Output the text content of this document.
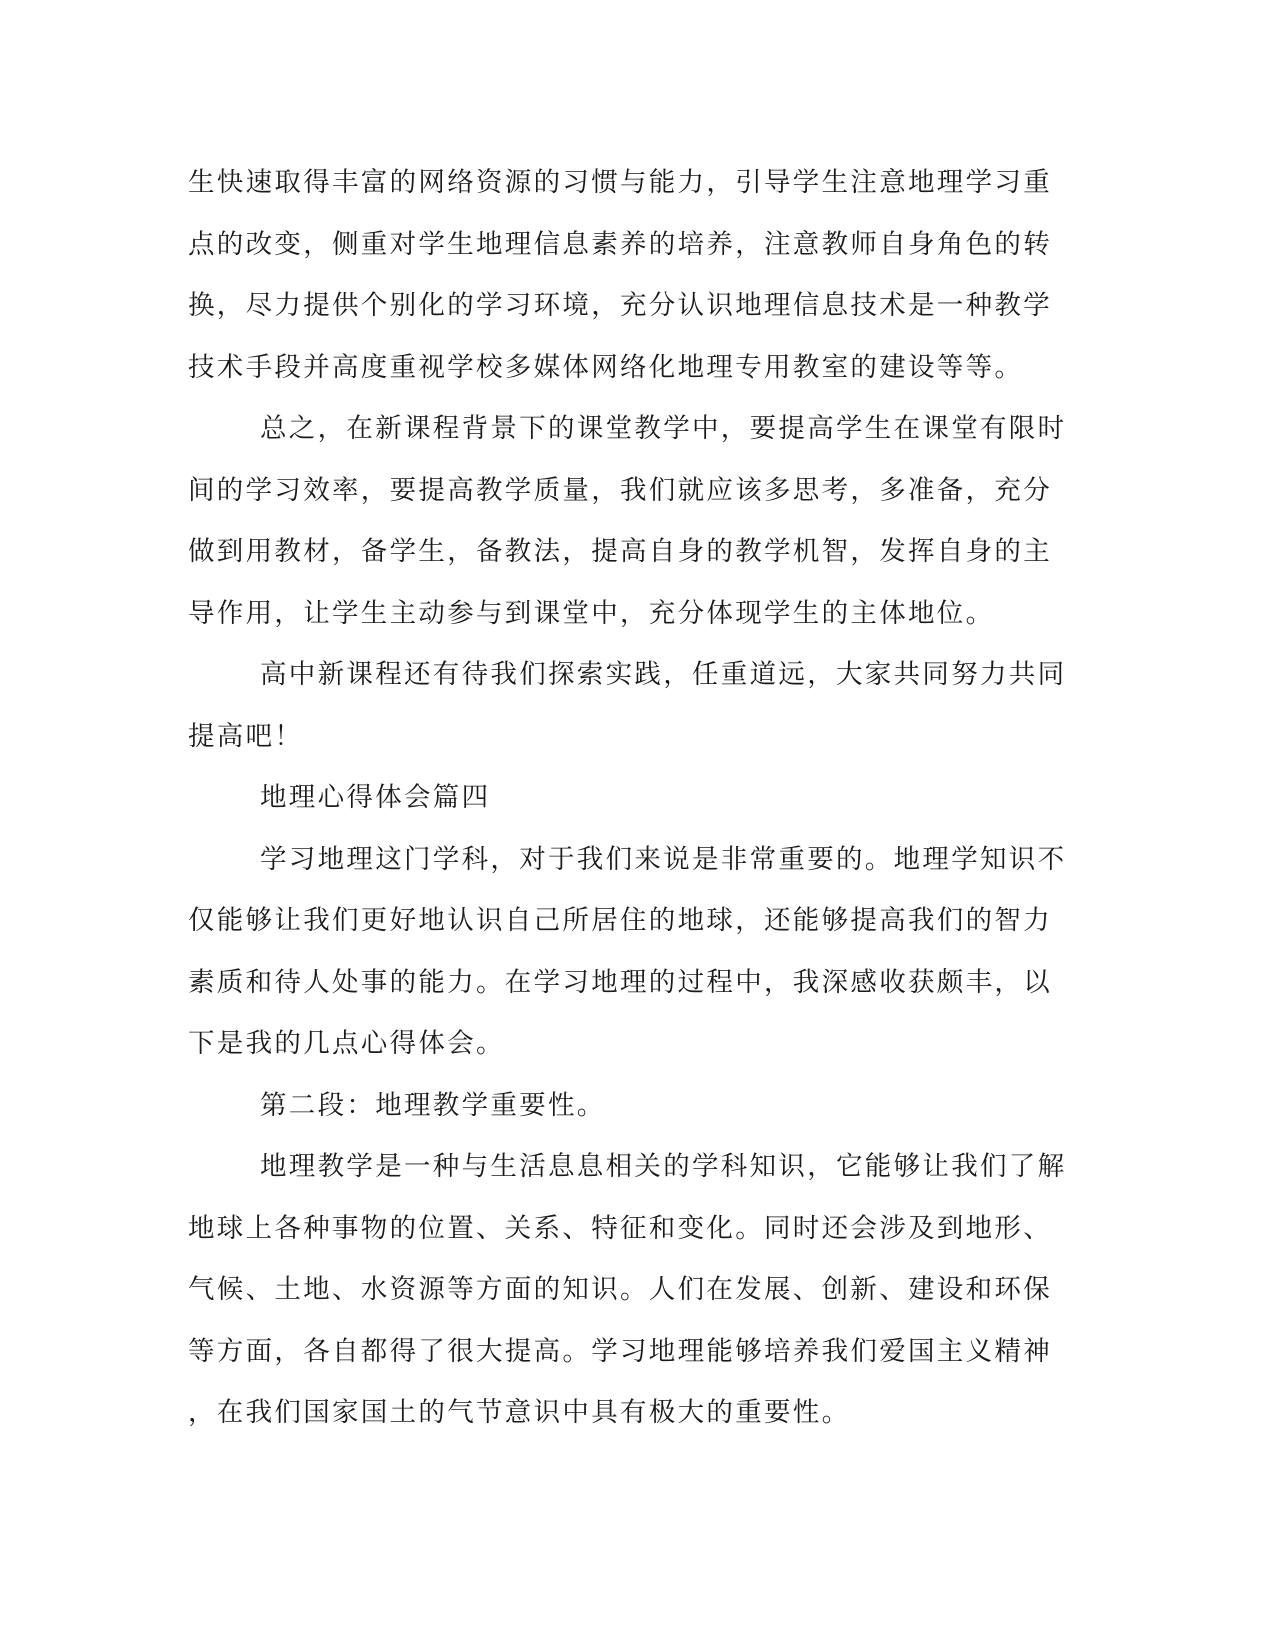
生快速取得丰富的网络资源的习惯与能力，引导学生注意地理学习重
点的改变，侧重对学生地理信息素养的培养，注意教师自身角色的转
换，尽力提供个别化的学习环境，充分认识地理信息技术是一种教学
技术手段并高度重视学校多媒体网络化地理专用教室的建设等等。
总之，在新课程背景下的课堂教学中，要提高学生在课堂有限时
间的学习效率，要提高教学质量，我们就应该多思考，多准备，充分
做到用教材，备学生，备教法，提高自身的教学机智，发挥自身的主
导作用，让学生主动参与到课堂中，充分体现学生的主体地位。
高中新课程还有待我们探索实践，任重道远，大家共同努力共同
提高吧！
地理心得体会篇四
学习地理这门学科，对于我们来说是非常重要的。地理学知识不
仅能够让我们更好地认识自己所居住的地球，还能够提高我们的智力
素质和待人处事的能力。在学习地理的过程中，我深感收获颇丰，以
下是我的几点心得体会。
第二段：地理教学重要性。
地理教学是一种与生活息息相关的学科知识，它能够让我们了解
地球上各种事物的位置、关系、特征和变化。同时还会涉及到地形、
气候、土地、水资源等方面的知识。人们在发展、创新、建设和环保
等方面，各自都得了很大提高。学习地理能够培养我们爱国主义精神
，在我们国家国土的气节意识中具有极大的重要性。
